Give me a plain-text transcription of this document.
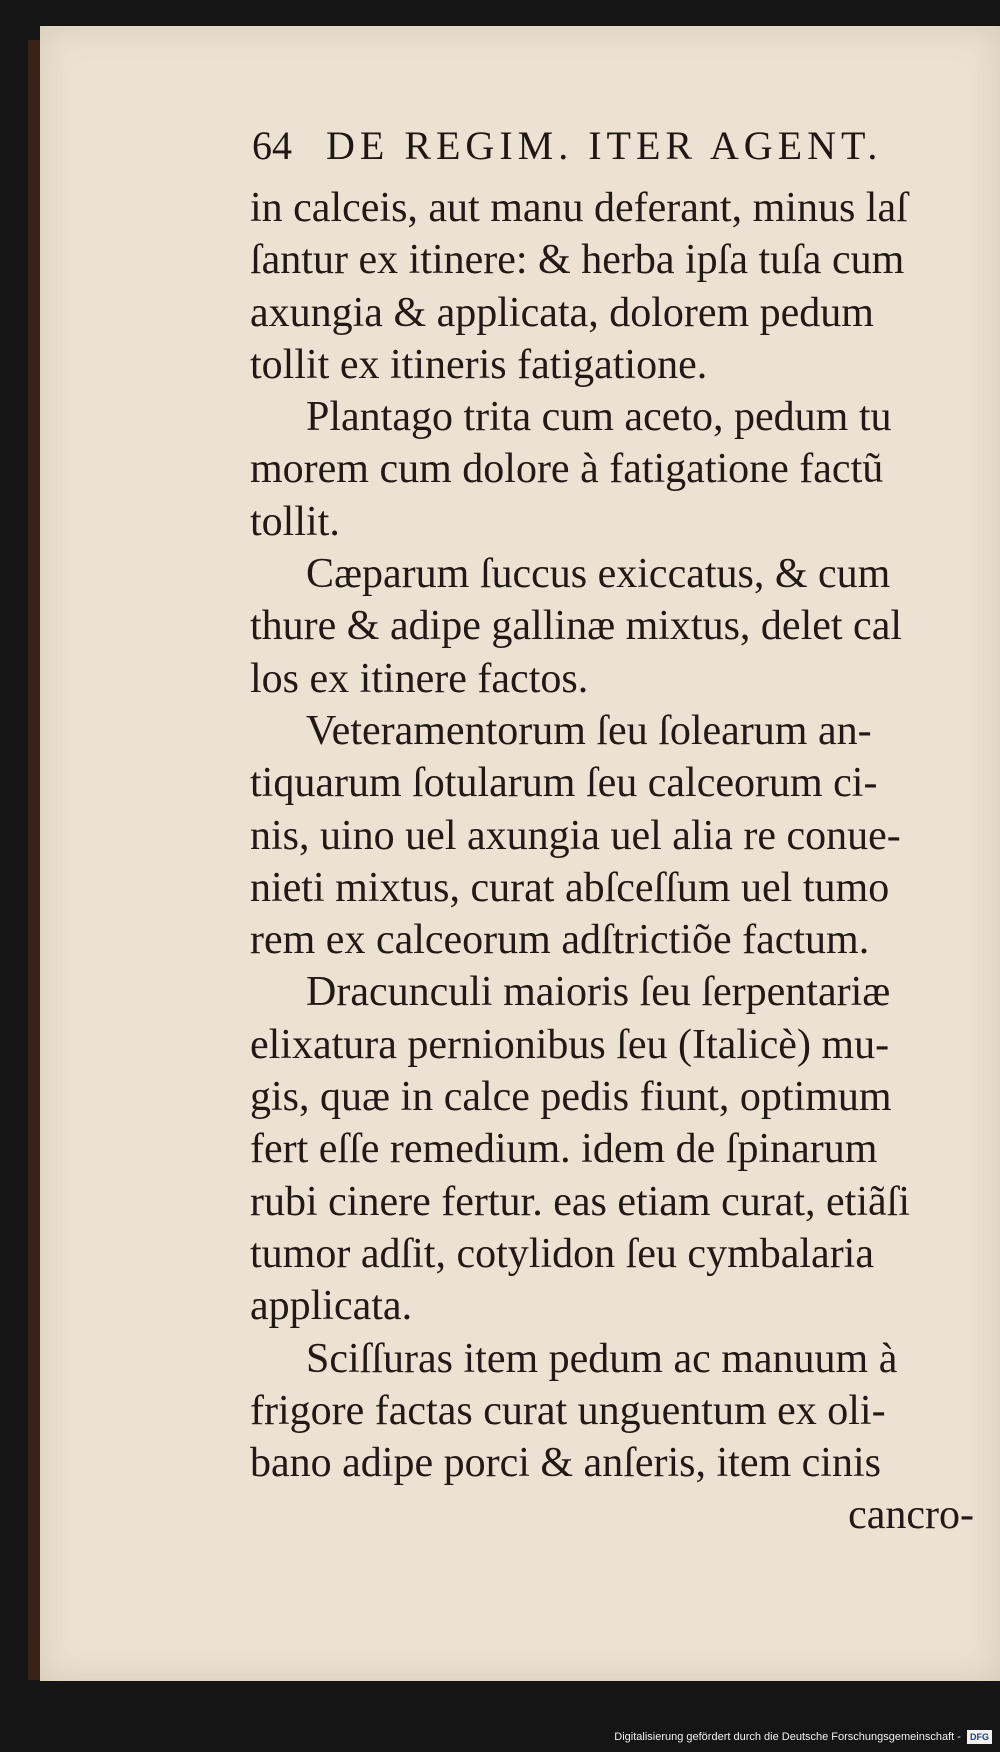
64 DE REGIM. ITER AGENT.
in calceis, aut manu deferant, minus laſ
ſantur ex itinere: & herba ipſa tuſa cum
axungia & applicata, dolorem pedum
tollit ex itineris fatigatione.
Plantago trita cum aceto, pedum tu
morem cum dolore à fatigatione factũ
tollit.
Cæparum ſuccus exiccatus, & cum
thure & adipe gallinæ mixtus, delet cal
los ex itinere factos.
Veteramentorum ſeu ſolearum an-
tiquarum ſotularum ſeu calceorum ci-
nis, uino uel axungia uel alia re conue-
nieti mixtus, curat abſceſſum uel tumo
rem ex calceorum adſtrictiõe factum.
Dracunculi maioris ſeu ſerpentariæ
elixatura pernionibus ſeu (Italicè) mu-
gis, quæ in calce pedis fiunt, optimum
fert eſſe remedium. idem de ſpinarum
rubi cinere fertur. eas etiam curat, etiãſi
tumor adſit, cotylidon ſeu cymbalaria
applicata.
Sciſſuras item pedum ac manuum à
frigore factas curat unguentum ex oli-
bano adipe porci & anſeris, item cinis
cancro-
Digitalisierung gefördert durch die Deutsche Forschungsgemeinschaft - DFG
